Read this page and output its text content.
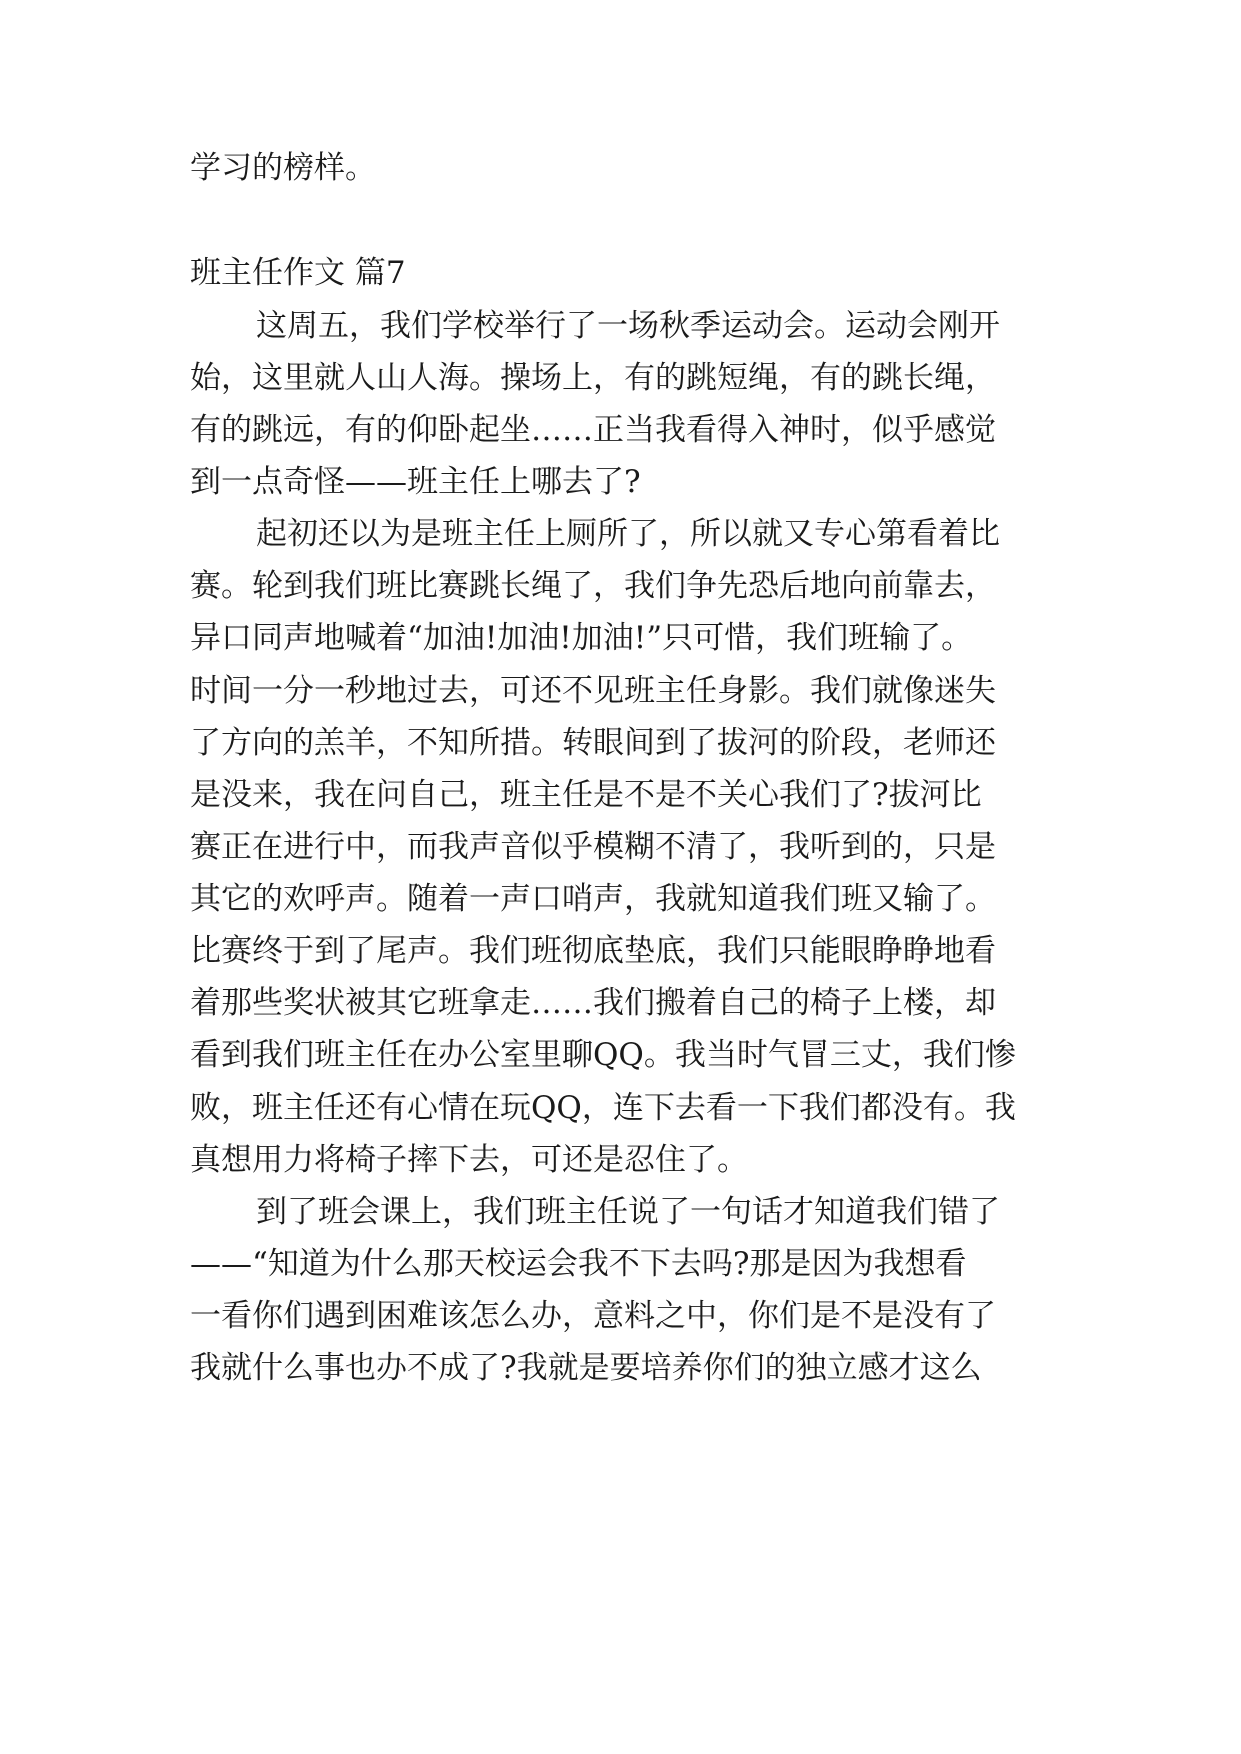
学习的榜样。

班主任作文 篇7

这周五，我们学校举行了一场秋季运动会。运动会刚开

始，这里就人山人海。操场上，有的跳短绳，有的跳长绳，

有的跳远，有的仰卧起坐……正当我看得入神时，似乎感觉

到一点奇怪——班主任上哪去了?

起初还以为是班主任上厕所了，所以就又专心第看着比

赛。轮到我们班比赛跳长绳了，我们争先恐后地向前靠去，

异口同声地喊着“加油!加油!加油!”只可惜，我们班输了。

时间一分一秒地过去，可还不见班主任身影。我们就像迷失

了方向的羔羊，不知所措。转眼间到了拔河的阶段，老师还

是没来，我在问自己，班主任是不是不关心我们了?拔河比

赛正在进行中，而我声音似乎模糊不清了，我听到的，只是

其它的欢呼声。随着一声口哨声，我就知道我们班又输了。

比赛终于到了尾声。我们班彻底垫底，我们只能眼睁睁地看

着那些奖状被其它班拿走……我们搬着自己的椅子上楼，却

看到我们班主任在办公室里聊QQ。我当时气冒三丈，我们惨

败，班主任还有心情在玩QQ，连下去看一下我们都没有。我

真想用力将椅子摔下去，可还是忍住了。

到了班会课上，我们班主任说了一句话才知道我们错了

——“知道为什么那天校运会我不下去吗?那是因为我想看

一看你们遇到困难该怎么办，意料之中，你们是不是没有了

我就什么事也办不成了?我就是要培养你们的独立感才这么
